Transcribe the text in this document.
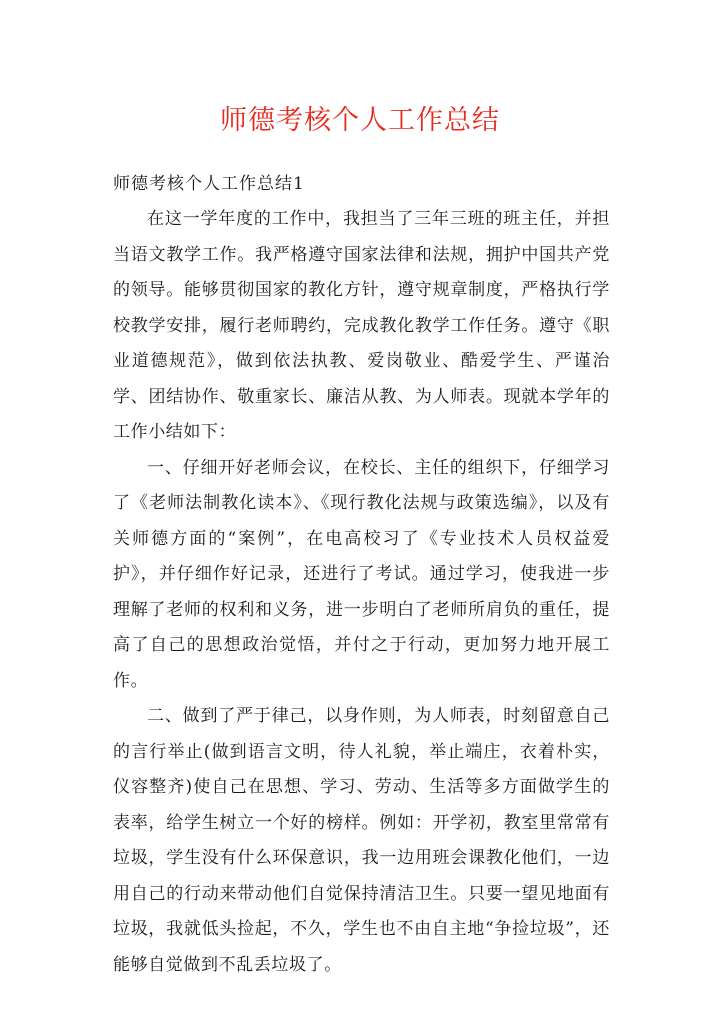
师德考核个人工作总结

师德考核个人工作总结1

在这一学年度的工作中，我担当了三年三班的班主任，并担当语文教学工作。我严格遵守国家法律和法规，拥护中国共产党的领导。能够贯彻国家的教化方针，遵守规章制度，严格执行学校教学安排，履行老师聘约，完成教化教学工作任务。遵守《职业道德规范》，做到依法执教、爱岗敬业、酷爱学生、严谨治学、团结协作、敬重家长、廉洁从教、为人师表。现就本学年的工作小结如下：

一、仔细开好老师会议，在校长、主任的组织下，仔细学习了《老师法制教化读本》、《现行教化法规与政策选编》，以及有关师德方面的“案例”，在电高校习了《专业技术人员权益爱护》，并仔细作好记录，还进行了考试。通过学习，使我进一步理解了老师的权利和义务，进一步明白了老师所肩负的重任，提高了自己的思想政治觉悟，并付之于行动，更加努力地开展工作。

二、做到了严于律己，以身作则，为人师表，时刻留意自己的言行举止(做到语言文明，待人礼貌，举止端庄，衣着朴实，仪容整齐)使自己在思想、学习、劳动、生活等多方面做学生的表率，给学生树立一个好的榜样。例如：开学初，教室里常常有垃圾，学生没有什么环保意识，我一边用班会课教化他们，一边用自己的行动来带动他们自觉保持清洁卫生。只要一望见地面有垃圾，我就低头捡起，不久，学生也不由自主地“争捡垃圾”，还能够自觉做到不乱丢垃圾了。
